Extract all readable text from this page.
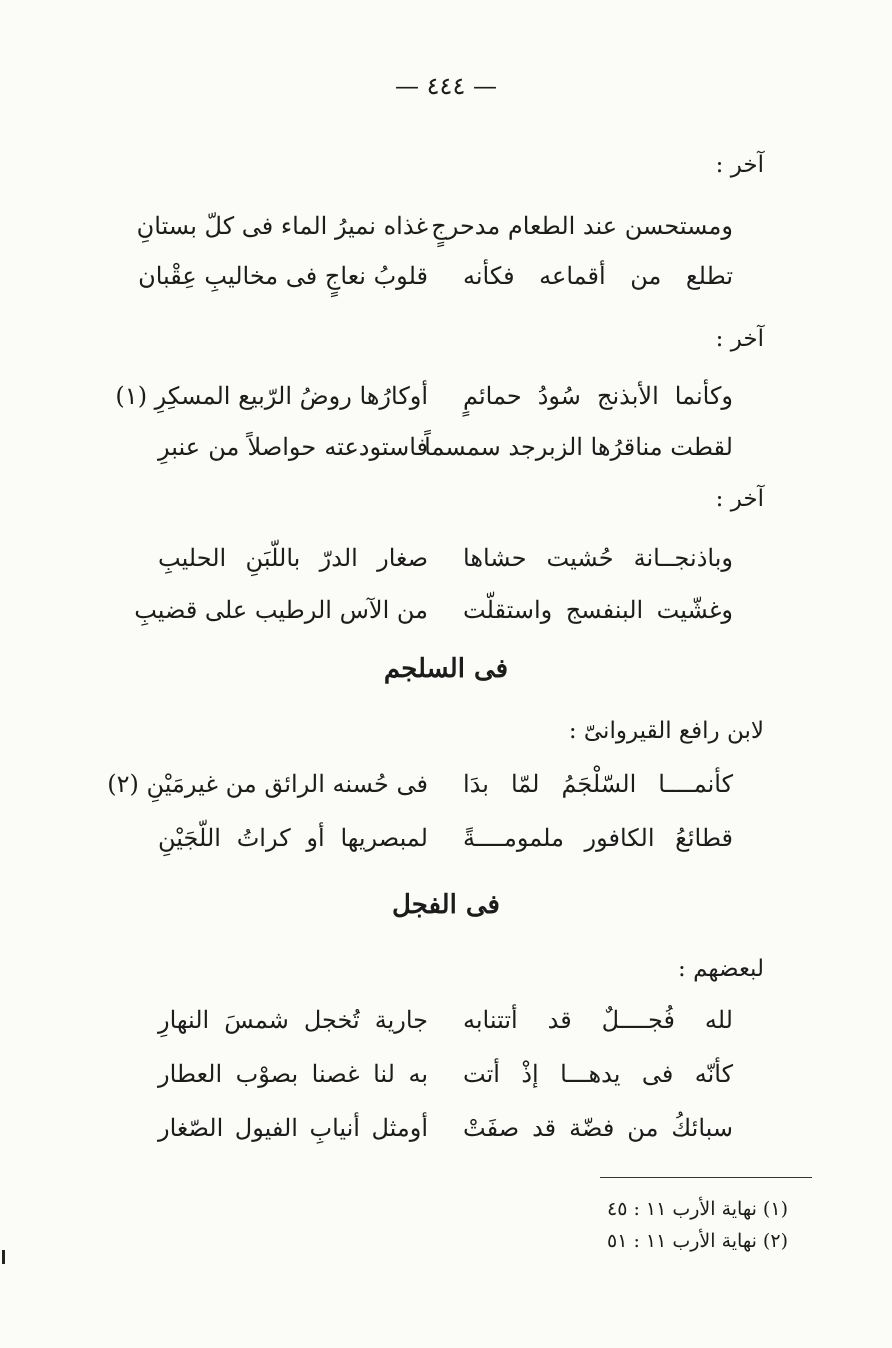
— ٤٤٤ —
آخر :
ومستحسن عند الطعام مدحرجٍ
غذاه نميرُ الماء فى كلّ بستانِ
تطلع من أقماعه فكأنه
قلوبُ نعاجٍ فى مخاليبِ عِقْبان
آخر :
وكأنما الأبذنج سُودُ حمائمٍ
أوكارُها روضُ الرّبيع المسكِرِ (١)
لقطت مناقرُها الزبرجد سمسماً
فاستودعته حواصلاً من عنبرِ
آخر :
وباذنجــانة حُشيت حشاها
صغار الدرّ باللّبَنِ الحليبِ
وغشّيت البنفسج واستقلّت
من الآس الرطيب على قضيبِ
فى السلجم
لابن رافع القيروانىّ :
كأنمــــا السّلْجَمُ لمّا بدَا
فى حُسنه الرائق من غيرمَيْنِ (٢)
قطائعُ الكافور ملمومــــةً
لمبصريها أو كراتُ اللّجَيْنِ
فى الفجل
لبعضهم :
لله فُجــــلٌ قد أتتنابه
جارية تُخجل شمسَ النهارِ
كأنّه فى يدهـــا إذْ أتت
به لنا غصنا بصوْب العطار
سبائكُ من فضّة قد صفَتْ
أومثل أنيابِ الفيول الصّغار
(١) نهاية الأرب ١١ : ٤٥
(٢) نهاية الأرب ١١ : ٥١
